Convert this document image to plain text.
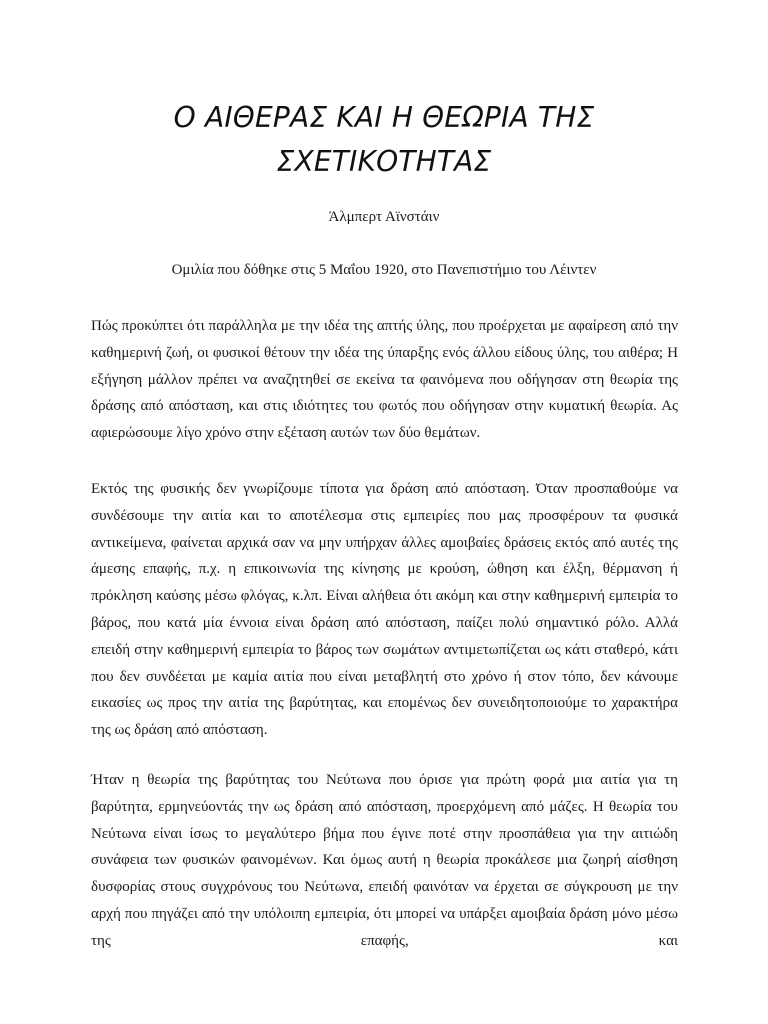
Ο ΑΙΘΕΡΑΣ ΚΑΙ Η ΘΕΩΡΙΑ ΤΗΣ
ΣΧΕΤΙΚΟΤΗΤΑΣ

Άλμπερτ Αϊνστάιν

Ομιλία που δόθηκε στις 5 Μαΐου 1920, στο Πανεπιστήμιο του Λέιντεν

Πώς προκύπτει ότι παράλληλα με την ιδέα της απτής ύλης, που προέρχεται με αφαίρεση από την καθημερινή ζωή, οι φυσικοί θέτουν την ιδέα της ύπαρξης ενός άλλου είδους ύλης, του αιθέρα; Η εξήγηση μάλλον πρέπει να αναζητηθεί σε εκείνα τα φαινόμενα που οδήγησαν στη θεωρία της δράσης από απόσταση, και στις ιδιότητες του φωτός που οδήγησαν στην κυματική θεωρία. Ας αφιερώσουμε λίγο χρόνο στην εξέταση αυτών των δύο θεμάτων.

Εκτός της φυσικής δεν γνωρίζουμε τίποτα για δράση από απόσταση. Όταν προσπαθούμε να συνδέσουμε την αιτία και το αποτέλεσμα στις εμπειρίες που μας προσφέρουν τα φυσικά αντικείμενα, φαίνεται αρχικά σαν να μην υπήρχαν άλλες αμοιβαίες δράσεις εκτός από αυτές της άμεσης επαφής, π.χ. η επικοινωνία της κίνησης με κρούση, ώθηση και έλξη, θέρμανση ή πρόκληση καύσης μέσω φλόγας, κ.λπ. Είναι αλήθεια ότι ακόμη και στην καθημερινή εμπειρία το βάρος, που κατά μία έννοια είναι δράση από απόσταση, παίζει πολύ σημαντικό ρόλο. Αλλά επειδή στην καθημερινή εμπειρία το βάρος των σωμάτων αντιμετωπίζεται ως κάτι σταθερό, κάτι που δεν συνδέεται με καμία αιτία που είναι μεταβλητή στο χρόνο ή στον τόπο, δεν κάνουμε εικασίες ως προς την αιτία της βαρύτητας, και επομένως δεν συνειδητοποιούμε το χαρακτήρα της ως δράση από απόσταση.

Ήταν η θεωρία της βαρύτητας του Νεύτωνα που όρισε για πρώτη φορά μια αιτία για τη βαρύτητα, ερμηνεύοντάς την ως δράση από απόσταση, προερχόμενη από μάζες. Η θεωρία του Νεύτωνα είναι ίσως το μεγαλύτερο βήμα που έγινε ποτέ στην προσπάθεια για την αιτιώδη συνάφεια των φυσικών φαινομένων. Και όμως αυτή η θεωρία προκάλεσε μια ζωηρή αίσθηση δυσφορίας στους συγχρόνους του Νεύτωνα, επειδή φαινόταν να έρχεται σε σύγκρουση με την αρχή που πηγάζει από την υπόλοιπη εμπειρία, ότι μπορεί να υπάρξει αμοιβαία δράση μόνο μέσω της επαφής, και
